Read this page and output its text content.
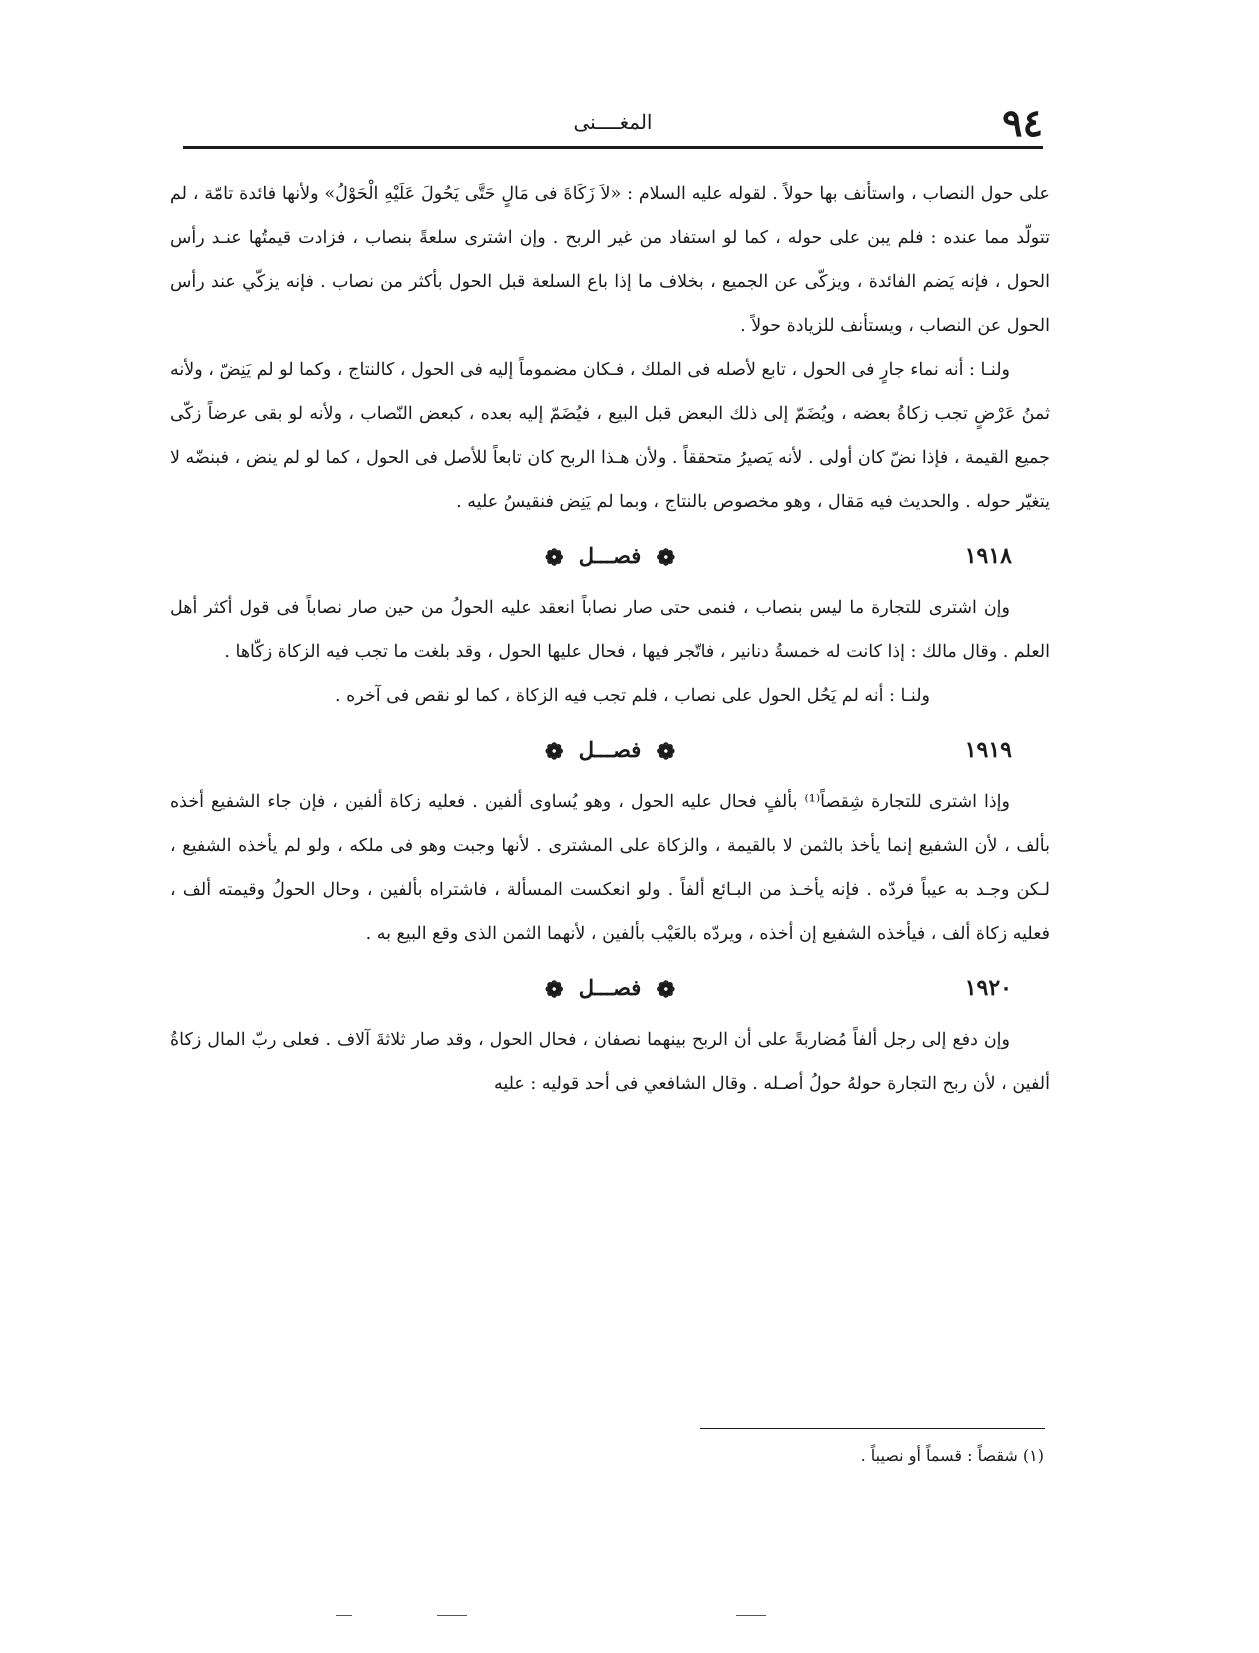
٩٤
المغــــنى

على حول النصاب ، واستأنف بها حولاً . لقوله عليه السلام : «لاَ زَكَاةَ فى مَالٍ حَتَّى يَحُولَ عَلَيْهِ الْحَوْلُ» ولأنها فائدة تامّة ، لم تتولّد مما عنده : فلم يبن على حوله ، كما لو استفاد من غير الربح . وإن اشترى سلعةً بنصاب ، فزادت قيمتُها عنـد رأس الحول ، فإنه يَضم الفائدة ، ويزكّى عن الجميع ، بخلاف ما إذا باع السلعة قبل الحول بأكثر من نصاب . فإنه يزكّي عند رأس الحول عن النصاب ، ويستأنف للزيادة حولاً .

ولنـا : أنه نماء جارٍ فى الحول ، تابع لأصله فى الملك ، فـكان مضموماً إليه فى الحول ، كالنتاج ، وكما لو لم يَنِضّ ، ولأنه ثمنُ عَرْضٍ تجب زكاةُ بعضه ، ويُضَمّ إلى ذلك البعض قبل البيع ، فيُضَمّ إليه بعده ، كبعض النّصاب ، ولأنه لو بقى عرضاً زكّى جميع القيمة ، فإذا نضّ كان أولى . لأنه يَصيرُ متحققاً . ولأن هـذا الربح كان تابعاً للأصل فى الحول ، كما لو لم ينض ، فبنضّه لا يتغيّر حوله . والحديث فيه مَقال ، وهو مخصوص بالنتاج ، وبما لم يَنِض فنقيسُ عليه .

١٩١٨
❁ فصـــل ❁

وإن اشترى للتجارة ما ليس بنصاب ، فنمى حتى صار نصاباً انعقد عليه الحولُ من حين صار نصاباً فى قول أكثر أهل العلم . وقال مالك : إذا كانت له خمسةُ دنانير ، فاتّجر فيها ، فحال عليها الحول ، وقد بلغت ما تجب فيه الزكاة زكّاها .

ولنـا : أنه لم يَحُل الحول على نصاب ، فلم تجب فيه الزكاة ، كما لو نقص فى آخره .

١٩١٩
❁ فصـــل ❁

وإذا اشترى للتجارة شِقصاً⁽¹⁾ بألفٍ فحال عليه الحول ، وهو يُساوى ألفين . فعليه زكاة ألفين ، فإن جاء الشفيع أخذه بألف ، لأن الشفيع إنما يأخذ بالثمن لا بالقيمة ، والزكاة على المشترى . لأنها وجبت وهو فى ملكه ، ولو لم يأخذه الشفيع ، لـكن وجـد به عيباً فردّه . فإنه يأخـذ من البـائع ألفاً . ولو انعكست المسألة ، فاشتراه بألفين ، وحال الحولُ وقيمته ألف ، فعليه زكاة ألف ، فيأخذه الشفيع إن أخذه ، ويردّه بالعَيْب بألفين ، لأنهما الثمن الذى وقع البيع به .

١٩٢٠
❁ فصـــل ❁

وإن دفع إلى رجل ألفاً مُضاربةً على أن الربح بينهما نصفان ، فحال الحول ، وقد صار ثلاثةَ آلاف . فعلى ربّ المال زكاةُ ألفين ، لأن ربح التجارة حولهُ حولُ أصـله . وقال الشافعي فى أحد قوليه : عليه

(١) شقصاً : قسماً أو نصيباً .
